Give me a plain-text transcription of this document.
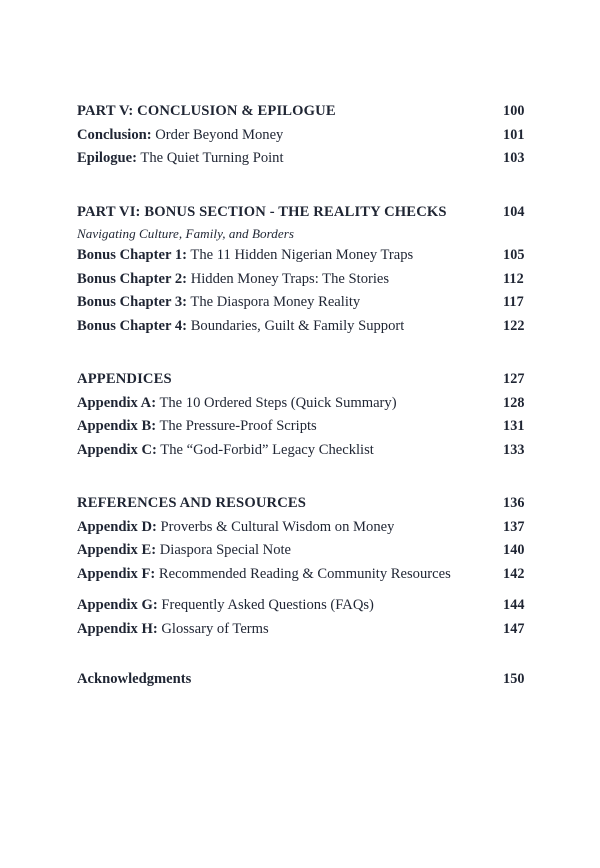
PART V: CONCLUSION & EPILOGUE	100
Conclusion: Order Beyond Money	101
Epilogue: The Quiet Turning Point	103
PART VI: BONUS SECTION - THE REALITY CHECKS	104
Navigating Culture, Family, and Borders
Bonus Chapter 1: The 11 Hidden Nigerian Money Traps	105
Bonus Chapter 2: Hidden Money Traps: The Stories	112
Bonus Chapter 3: The Diaspora Money Reality	117
Bonus Chapter 4: Boundaries, Guilt & Family Support	122
APPENDICES	127
Appendix A: The 10 Ordered Steps (Quick Summary)	128
Appendix B: The Pressure-Proof Scripts	131
Appendix C: The “God-Forbid” Legacy Checklist	133
REFERENCES AND RESOURCES	136
Appendix D: Proverbs & Cultural Wisdom on Money	137
Appendix E: Diaspora Special Note	140
Appendix F: Recommended Reading & Community Resources	142
Appendix G: Frequently Asked Questions (FAQs)	144
Appendix H: Glossary of Terms	147
Acknowledgments	150
